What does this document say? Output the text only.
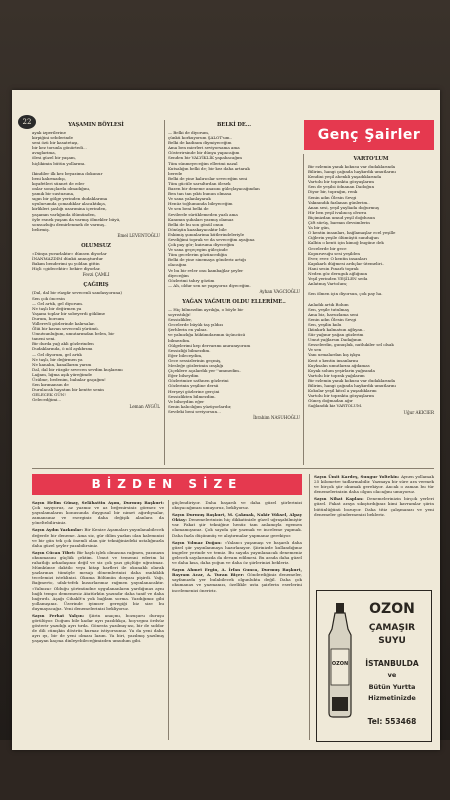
22
Genç Şairler
YAŞAMIN BÖYLESİ
ayak izperilerine
kirpiğini sebderinde
seni özü bir kasatetaşı,
bir kez torunla gönürtedi...
avaglarima,
ölesi güzel bir yaşam,
hiçlikimin bütün yollarımı.

Ikindiler ilk kez beyazima dokunur
beni kalırmadışı,
kıyafetleri sünnet de eder
onlar sonuçlarda olmadığını,
yamık bir sustuzuna,
sıgın bir gölge yerinden dudaklarıma
uyulurumda çomadıklar alacaktıkça,
kirlikleri şaslığı uzarımina içerinden,
yaşamın varlığında ölümünden,
öyle esnek yaşam da varmış ölmekler büyü,
sonsuzluğu demirlenmek de varmış..
belirmiş.
Emel LEVENTOĞLU
OLUMSUZ
«Dünya yuvarlaktır» dünsen diyorlar
İNANMAZDIM dünkü annuşturdur
Bakım benderimi şu yoldan gittin
Hiçli «gidecektir» bekire diyorlar.
Fevzi ÇAMLI
ÇAĞIRIŞ
(Dal, dal bir rüzgâr sevecenli sandasyoruna)
Sen çok öncesin
— Gel artık, gel diyorum.
Ne taşlı bir değirmen ya
Yaşamı toplar bir sobeyerdi göklime
Durum, borsum
Yüllerevli gözlerinde kalırsalar.
Ölüi bir kavan sevecenli yürümü.
Umutsunluğum, umutarımdan belen, bir
taneni seni.
Bir durda yağ akli gözlerinden
Dudaklarında, ö nöl ayıkbrımı
— Gel diyorum, gel artık
Ne taşlı, bir değirmen ya
Ne kanalın, kanallarım yarım
Dal, dal bir rüzgâr sevecen sevdim kuşlarımı
Lağam, lığma aşık yüreğimde
Üzülme, bedenim, babalar gaçağım!
Sen kırımansın de
Durulacak hayatım bir kentte senin
GELECEK GÜN!
Gelecedğimi...
Leman AYGÜL
BELKİ DE...
— Belki de diyorum,
çünkü korkuyorum ŞALOT'um..
Belki de kadinım diymiyeceğim
Ama ben mierleri seviyorsama ama
Gösterirsinde bir dünya yapacağım
Senden bir VALYİKLİK yapabacağım
Tüm sünmeyeceğim ellerimi nazal
Kutsalığın belki de; bir kez daha artarak
berede
Belki de yine kalırıcılar seveceğim seni
Tüm gücüle sarsıltırdan ölesek
Bazen bir deneme anasını güleçlayacağından
Ben tan tan yıktı bunun olmasa
Ve sana yalanlayarak
Henüz toğlumunda bileyeceğim
Ve sen beni belki de
Sevilerde sürüklemeden yazlı ama
Kanımın şubaları yazmış olamaz
Belki de bu son gönül onun
Dönüşün kazakayacaktır bile
Eskimiş şunınlarima kütlerindeleriyle
Sevdiğimi toprak ve da seveceğim ayağına
Çok pay gör; kuiruma diyeceğim
Ve sana geçeçegim güleçinde
Tüm gecelerim gözüncediğin
Belki de yine sinemaya gönderiz artığı
olacağını
Ve bu bir evler onu kambağlar şeyler
diyeceğim
Gözlerimi tahry gözüm
— Ah, oldur sen ne yapıyoruz diyeceğim.
Ayhan VAGCIOĞLU
YAĞAN YAĞMUR OLDU ELLERİME..
— Hiç bilmezdim ayrılığa, o böyle bir
soyrıstılığı!
Sessizlikler,
Gecelerde büyük taş yıldızı
Şerhlerin en yalnız.
ve yalnızlığa hükümdarımın üçüncüsü
bilmezdim.
Gülgelerimi kep dervarımı anıranıyorum
Sessizliği bilmezdim.
Eğer bileceydim,
Gece sessizlerinin geçmiş,
Mesleğe gözlerimin ıraşlığı
Çiçeklere açalardık yer ''ummedim..
Eğer bilseydim
Gözlerimize sathnen gözlerini
Gözlerinin yeşiline dersii
Herşeyi gözlerine gerçini
Sessizlikten bilmezdim.
Ve bilseydim eğer
Senin kalıcılığım yüzüyorlardır,
Sevdeki beni seviyorsun...
İbrahim NASUHOĞLU
VARTO'LUM
Bir ezlemin yanık kokusu var dudaklarında
Bilirim, hangi çağında haykırdık umutlarını
Kendini yeşil ahenkli yaşadıklarında
Vartolu bir toprakta gözyaşlarım
Sen de yeşilsi ödnanan Dadoğun
Diyor bir, toprağın, renk
Senin adın Ölesin Sevgi
Yakınındık fazlanan günlerim..
Anan sesi, yeşil yayliada doğurmuş
Hir ben yeşil ivalıncış olvırra
Biçimizdan umud yeşil doğdusun
Çift sürüş, barmın devsimlerin
Ya bir gün,
O kentin insanları, bağlamaşlar ecel yeşille
Ciğlerin yeşile ölümüştü sunduğun
Kalbin o kenti için kimoğ bugüne dek
Gecelerde bir gece
Kopuruvuğu sesi yeşilden
Ever, ever. O kentin insanları
Kapıkarlı düğmesi ardıçlar ütemeliri..
Hani sesin Pınarlı toprak
Neden göz deruguk ağlığının
Yeşil yerinden YEŞİLEN seda
Anlatmış VartoIum;

Sen ölmen için diyorsun, çok pay ha.

Anladık artık Bolum
Sen, yeşile tutulmaş
Ama biz, havuzlama seni
Senin adın Ölesin Sevgi
Sen, yeşilin kıılu
Ikünkırlı kalmatsın ağlıyan..
Sür yağınır yağan güzlerim
Umut yağlarsın Dadağının
Sesselerdin, gunuşluk, nutlukiler sel olsak
Ve sen
Yanı urmalardan kış işkya
Kent o kentin insanlarını
Kuyksalın umutlarını ağdamas
Koyak solum yeşirlarin yağısında
Vartolu bir toprak yağılarım
Bir ezlemin yanık kokusu var dudaklarında
Bilirim, hangi çağında haykırdık umutlarını
Kokular yeşil kitcıl a yaşadıklarını
Vartolu bir toprakta gözyaşlarım
Güneş doğmadan ağır
Sağlandık kiz VARTOLUM.
Uğur AKICIER
BİZDEN SİZE

Sayın Helim Günay, Selâhattin Aşım, Durmuş Başkurt: Çok sayıyoruz, az yazmız ve az beğenirsiniz görmez ve yayınlamaların konusunda duygusal bir nimet ağırdıysalar, zamansınız ve eserginiz daha değişik alanlara da yöneltebilirsiniz.

Sayın Aydın Yazkınlar: Bir Kenize Aşamaları yayınlanabilecek değerde bir deneme. Ama siz, gür dilim yazkın olan kalemınizi ve bir gün tek çok önemli olan şiir tekniğinizdeki ustalığınızla daha güzel şeyler yazabilirsiniz.

Sayın Cücan Tibet: Bir haylı işlek olmasına rağmen, yazınızın okunmasını güçlük çektim. Umut ve temenni ederim ki rahatlığı arkadaşınız değil ve siz çok yazı güçlüğe uğratmaz. Mümkünse daktilo veya kitap harfleri ile okunaklı olarak yazlarınızı tümüyle mesajı dönemlerinizi daha ranhiklık tecelemizi isteklinizi. Okuma Bölümün dosyası pişirdi. Yağı, Bağmerto, ufak-tefek kusurlarımız rağmen yayınlanacaktır. «Yalnıza» Olduğu şörtmündne uygulananların yardığınızı aynı bağlı tempo dememesiz Atatürkün yazındır daha tanif ve daha bağrırdı. Aşağı Cihaklt'n yok bağlam sorma. Yazdığımız gibi yollamışınız. Üzerinde iyimser geregiği biz size bu duymayacağız. Yeni denemelerinizi bekliyoruz.

Sayın Ferhat Yalçın: Şiirin anaçmı, bozuşuru duruşu görülüyor. Doğum bile kadar ayrı yazıldıkça, hoş-ırgını ördsüz gösterir yazıdığı ayrı tırda. Gönesta yazılmış-ası, bir de sıddor de dili cümşkin döstrüs kurnaz istiyorsunuz. Ya da yeni daha ayrı ıyı, bir de yeni olması lazım. Ya biri, yazılmış yazılmış yaşayan kaçma dinleyebileceğimizden umudum gibi.

güçlendiriyor. Daha başarılı ve daha güzel şiirlerinizi okuyacağımızı umuyoruz, bekliyoruz.

Sayın Durmuş Başkurt, M. Çakmak, Nakir Yüksel, Alpay Oktay: Denemelerinizin hiç dikkatinizle güzel uğraşabilmiştir var. Fakat şiir tekniğine henüz tam anlamıyla egemen olamamışsınız. Çok sayıda şiir yazmak ve inceleme yapmak. Daha fazla düşünmüş ve alıştırmalar yapmanız gerekiyor.

Sayın Yılmaz Doğan: «Yalancı yaşamaşı ve başarılı daha güzel şiir yayınlanmaya hazırlanıyor. Şiirinizde kullandığınız imgeler yerinde ve temiz. Bu sayıda yayınlanacak denemeniz gelecek sayılarınızda da devam edilmesi. Bu arada daha güzel ve daha kısa, daha yoğun ve daha öz şiirlerinizi bekleriz.

Sayın Ahmet Ergin, A. İrfan Gunca, Durmuş Başkurt, Bayram Acar, A. Turan Biçer: Gönderdiğiniz denemeler, sayfamızda yer bulabilecek olgunlukta değil. Daha çok okumanızı ve yazmanızı, özellikle usta şairlerin eserlerini incelemenizi öneririz.

Sayın Ümit Kardeş, Sungur Yoltekin: Aynen yollamak 25 kilometre tadlarmabilir. Yazmaya bir süre ara vermek ve birçok şiir okumak gerekiyor. Ancak o zaman bu tür denemelerinizin daha olgun olacağını umuyoruz.

Sayın Nihat Kaplan: Denemelerinizin birçok yerleri güzel. Fakat araya sıkıştırdığınız kimi kavramlar şiirin bütünlüğünü bozuyor. Daha titiz çalışmanızı ve yeni denemeler göndermenizi bekleriz.

OZON
OZON
ÇAMAŞIR
SUYU
İSTANBULDA
ve
Bütün Yurtta
Hizmetinizde
Tel: 553468
